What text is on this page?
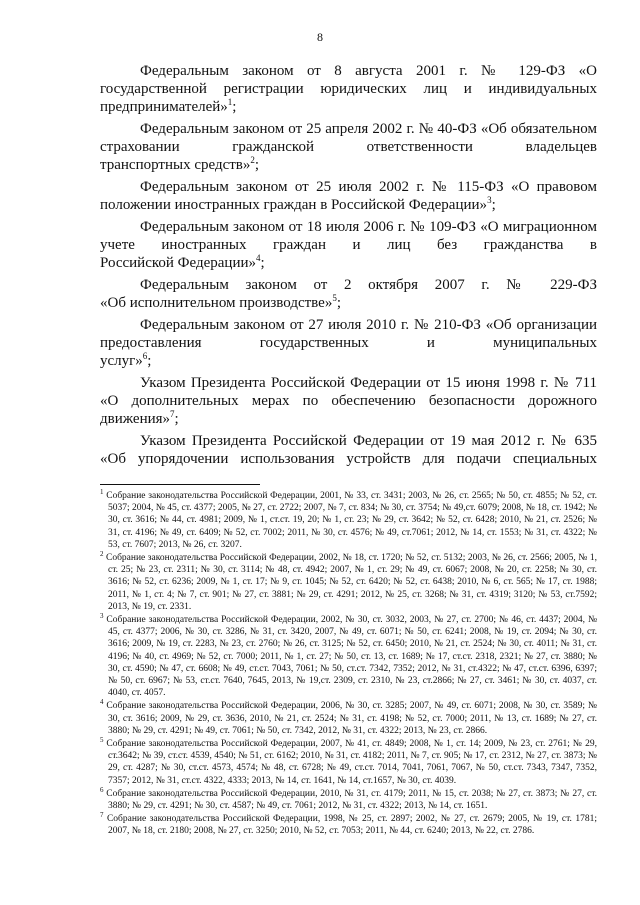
8

Федеральным законом от 8 августа 2001 г. № 129-ФЗ «О государственной регистрации юридических лиц и индивидуальных
предпринимателей»$^1$;

Федеральным законом от 25 апреля 2002 г. № 40-ФЗ «Об обязательном страховании гражданской ответственности владельцев
транспортных средств»$^2$;

Федеральным законом от 25 июля 2002 г. № 115-ФЗ «О правовом положении иностранных граждан в Российской Федерации»$^3$;

Федеральным законом от 18 июля 2006 г. № 109-ФЗ «О миграционном учете иностранных граждан и лиц без гражданства в
Российской Федерации»$^4$;

Федеральным законом от 2 октября 2007 г. № 229-ФЗ
«Об исполнительном производстве»$^5$;

Федеральным законом от 27 июля 2010 г. № 210-ФЗ «Об организации предоставления государственных и муниципальных
услуг»$^6$;

Указом Президента Российской Федерации от 15 июня 1998 г. № 711 «О дополнительных мерах по обеспечению безопасности дорожного
движения»$^7$;

Указом Президента Российской Федерации от 19 мая 2012 г. № 635 «Об упорядочении использования устройств для подачи специальных

$^1$ Собрание законодательства Российской Федерации, 2001, № 33, ст. 3431; 2003, № 26, ст. 2565; № 50, ст. 4855; № 52, ст. 5037; 2004, № 45, ст. 4377; 2005, № 27, ст. 2722; 2007, № 7, ст. 834; № 30, ст. 3754; № 49,ст. 6079; 2008, № 18, ст. 1942; № 30, ст. 3616; № 44, ст. 4981; 2009, № 1, ст.ст. 19, 20; № 1, ст. 23; № 29, ст. 3642; № 52, ст. 6428; 2010, № 21, ст. 2526; № 31, ст. 4196; № 49, ст. 6409; № 52, ст. 7002; 2011, № 30, ст. 4576; № 49, ст.7061; 2012, № 14, ст. 1553; № 31, ст. 4322; № 53, ст. 7607; 2013, № 26, ст. 3207.

$^2$ Собрание законодательства Российской Федерации, 2002, № 18, ст. 1720; № 52, ст. 5132; 2003, № 26, ст. 2566; 2005, № 1, ст. 25; № 23, ст. 2311; № 30, ст. 3114; № 48, ст. 4942; 2007, № 1, ст. 29; № 49, ст. 6067; 2008, № 20, ст. 2258; № 30, ст. 3616; № 52, ст. 6236; 2009, № 1, ст. 17; № 9, ст. 1045; № 52, ст. 6420; № 52, ст. 6438; 2010, № 6, ст. 565; № 17, ст. 1988; 2011, № 1, ст. 4; № 7, ст. 901; № 27, ст. 3881; № 29, ст. 4291; 2012, № 25, ст. 3268; № 31, ст. 4319; 3120; № 53, ст.7592; 2013, № 19, ст. 2331.

$^3$ Собрание законодательства Российской Федерации, 2002, № 30, ст. 3032, 2003, № 27, ст. 2700; № 46, ст. 4437; 2004, № 45, ст. 4377; 2006, № 30, ст. 3286, № 31, ст. 3420, 2007, № 49, ст. 6071; № 50, ст. 6241; 2008, № 19, ст. 2094; № 30, ст. 3616; 2009, № 19, ст. 2283, № 23, ст. 2760; № 26, ст. 3125; № 52, ст. 6450; 2010, № 21, ст. 2524; № 30, ст. 4011; № 31, ст. 4196; № 40, ст. 4969; № 52, ст. 7000; 2011, № 1, ст. 27; № 50, ст. 13, ст. 1689; № 17, ст.ст. 2318, 2321; № 27, ст. 3880; № 30, ст. 4590; № 47, ст. 6608; № 49, ст.ст. 7043, 7061; № 50, ст.ст. 7342, 7352; 2012, № 31, ст.4322; № 47, ст.ст. 6396, 6397; № 50, ст. 6967; № 53, ст.ст. 7640, 7645, 2013, № 19,ст. 2309, ст. 2310, № 23, ст.2866; № 27, ст. 3461; № 30, ст. 4037, ст. 4040, ст. 4057.

$^4$ Собрание законодательства Российской Федерации, 2006, № 30, ст. 3285; 2007, № 49, ст. 6071; 2008, № 30, ст. 3589; № 30, ст. 3616; 2009, № 29, ст. 3636, 2010, № 21, ст. 2524; № 31, ст. 4198; № 52, ст. 7000; 2011, № 13, ст. 1689; № 27, ст. 3880; № 29, ст. 4291; № 49, ст. 7061; № 50, ст. 7342, 2012, № 31, ст. 4322; 2013, № 23, ст. 2866.

$^5$ Собрание законодательства Российской Федерации, 2007, № 41, ст. 4849; 2008, № 1, ст. 14; 2009, № 23, ст. 2761; № 29, ст.3642; № 39, ст.ст. 4539, 4540; № 51, ст. 6162; 2010, № 31, ст. 4182; 2011, № 7, ст. 905; № 17, ст. 2312, № 27, ст. 3873; № 29, ст. 4287; № 30, ст.ст. 4573, 4574; № 48, ст. 6728; № 49, ст.ст. 7014, 7041, 7061, 7067, № 50, ст.ст. 7343, 7347, 7352, 7357; 2012, № 31, ст.ст. 4322, 4333; 2013, № 14, ст. 1641, № 14, ст.1657, № 30, ст. 4039.

$^6$ Собрание законодательства Российской Федерации, 2010, № 31, ст. 4179; 2011, № 15, ст. 2038; № 27, ст. 3873; № 27, ст. 3880; № 29, ст. 4291; № 30, ст. 4587; № 49, ст. 7061; 2012, № 31, ст. 4322; 2013, № 14, ст. 1651.

$^7$ Собрание законодательства Российской Федерации, 1998, № 25, ст. 2897; 2002, № 27, ст. 2679; 2005, № 19, ст. 1781; 2007, № 18, ст. 2180; 2008, № 27, ст. 3250; 2010, № 52, ст. 7053; 2011, № 44, ст. 6240; 2013, № 22, ст. 2786.
